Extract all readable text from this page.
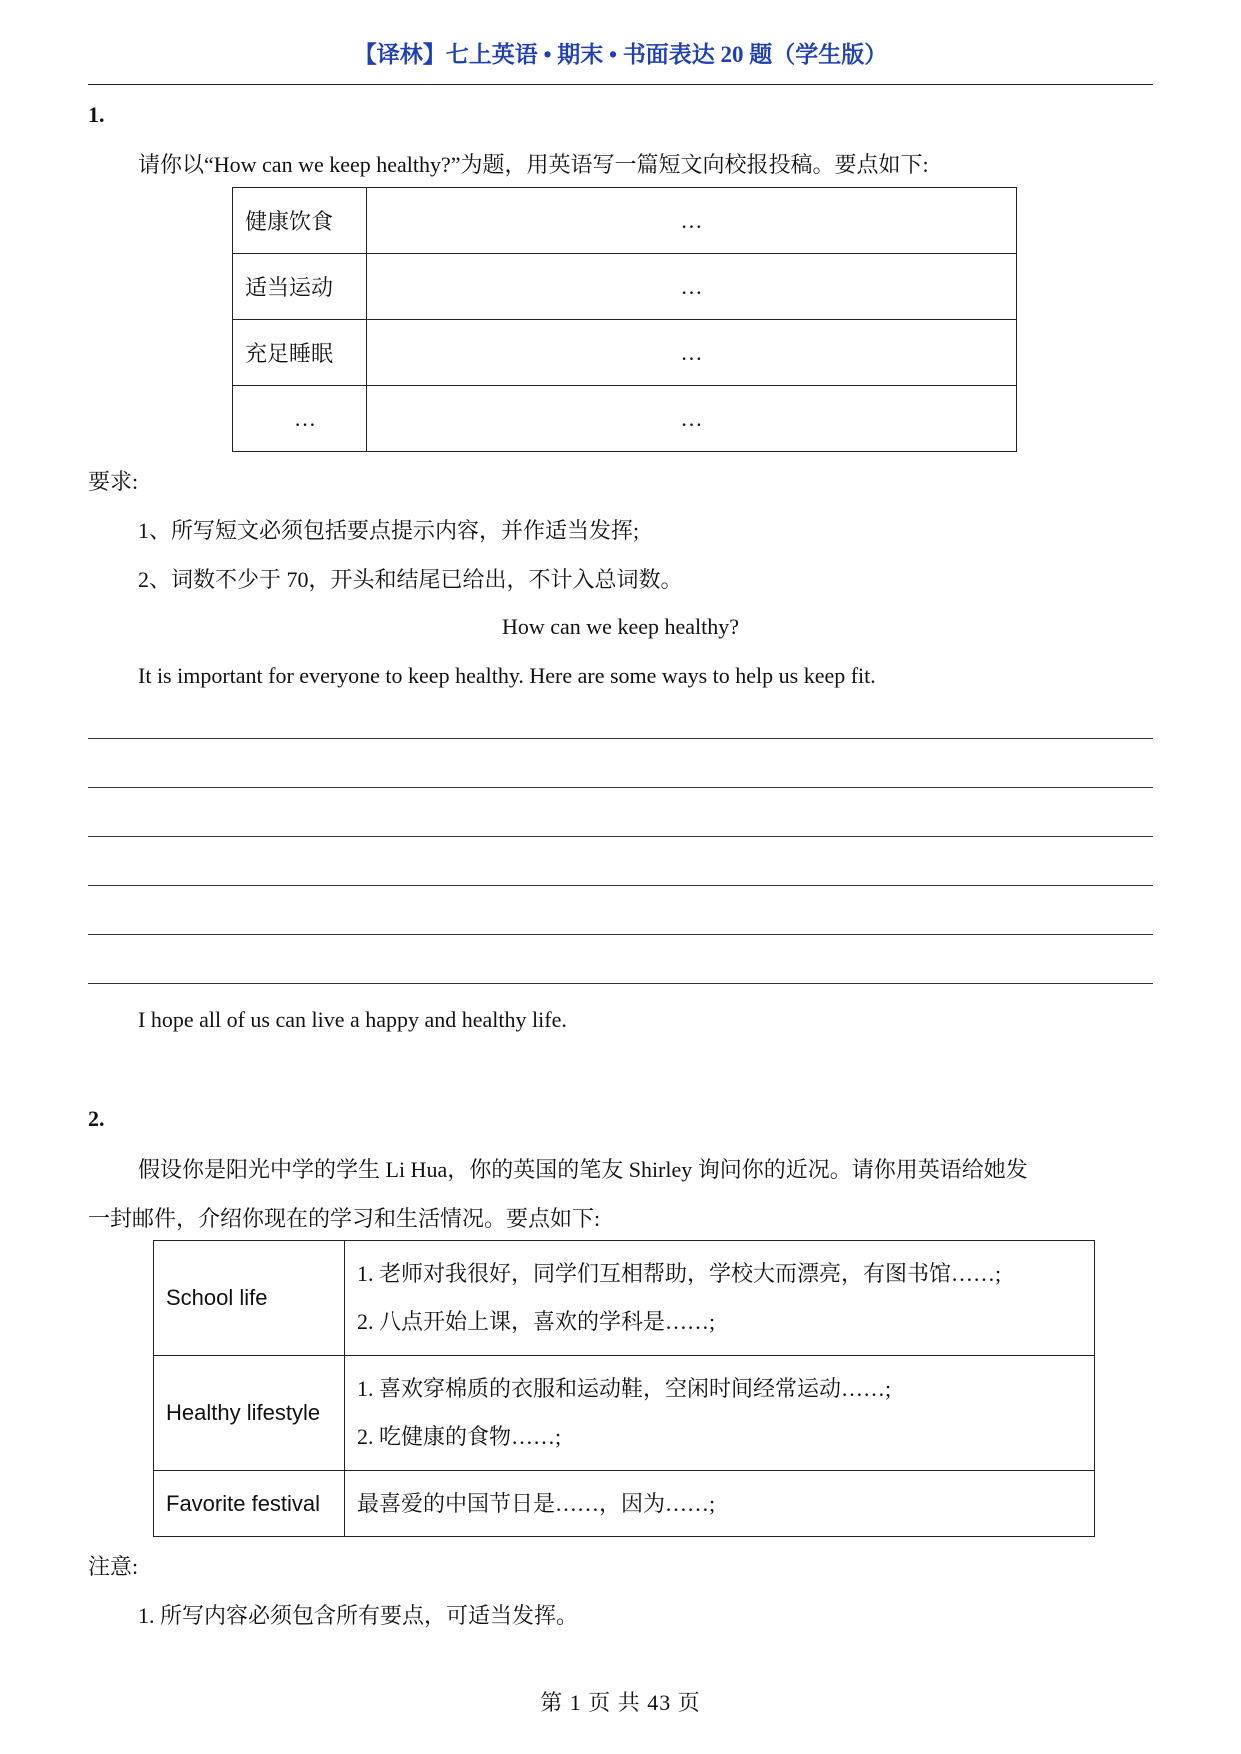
【译林】七上英语 • 期末 • 书面表达 20 题（学生版）
1.
请你以“How can we keep healthy?”为题，用英语写一篇短文向校报投稿。要点如下:
健康饮食	…
适当运动	…
充足睡眠	…
…	…
要求:
1、所写短文必须包括要点提示内容，并作适当发挥;
2、词数不少于 70，开头和结尾已给出，不计入总词数。
How can we keep healthy?
It is important for everyone to keep healthy. Here are some ways to help us keep fit.
I hope all of us can live a happy and healthy life.
2.
假设你是阳光中学的学生 Li Hua，你的英国的笔友 Shirley 询问你的近况。请你用英语给她发
一封邮件，介绍你现在的学习和生活情况。要点如下:
School life	1. 老师对我很好，同学们互相帮助，学校大而漂亮，有图书馆……;
2. 八点开始上课，喜欢的学科是……;

Healthy lifestyle	1. 喜欢穿棉质的衣服和运动鞋，空闲时间经常运动……;
2. 吃健康的食物……;

Favorite festival	最喜爱的中国节日是……，因为……;
注意:
1. 所写内容必须包含所有要点，可适当发挥。
第 1 页 共 43 页
